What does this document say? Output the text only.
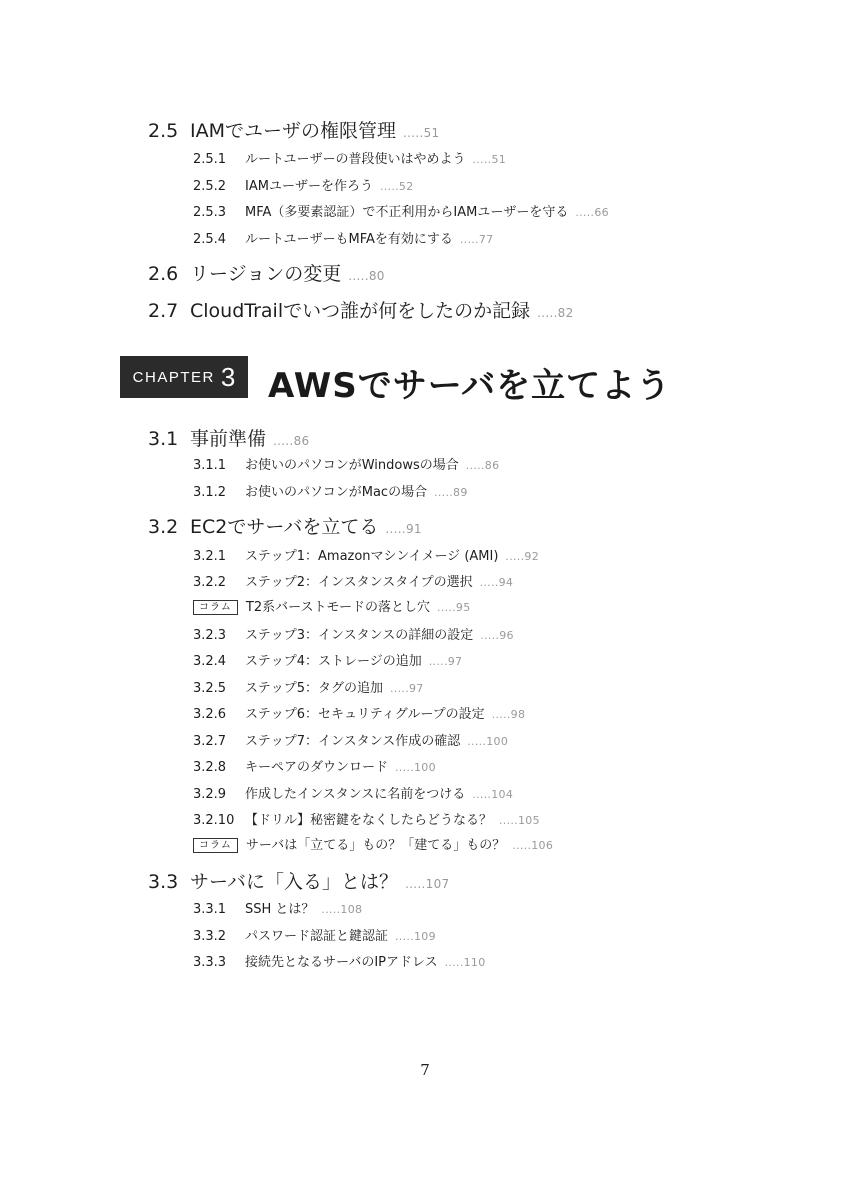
2.5 IAMでユーザの権限管理 .....51
2.5.1 ルートユーザーの普段使いはやめよう .....51
2.5.2 IAMユーザーを作ろう .....52
2.5.3 MFA（多要素認証）で不正利用からIAMユーザーを守る .....66
2.5.4 ルートユーザーもMFAを有効にする .....77
2.6 リージョンの変更 .....80
2.7 CloudTrailでいつ誰が何をしたのか記録 .....82
CHAPTER 3 AWSでサーバを立てよう
3.1 事前準備 .....86
3.1.1 お使いのパソコンがWindowsの場合 .....86
3.1.2 お使いのパソコンがMacの場合 .....89
3.2 EC2でサーバを立てる .....91
3.2.1 ステップ1：Amazonマシンイメージ (AMI) .....92
3.2.2 ステップ2：インスタンスタイプの選択 .....94
コラム T2系バーストモードの落とし穴 .....95
3.2.3 ステップ3：インスタンスの詳細の設定 .....96
3.2.4 ステップ4：ストレージの追加 .....97
3.2.5 ステップ5：タグの追加 .....97
3.2.6 ステップ6：セキュリティグループの設定 .....98
3.2.7 ステップ7：インスタンス作成の確認 .....100
3.2.8 キーペアのダウンロード .....100
3.2.9 作成したインスタンスに名前をつける .....104
3.2.10 【ドリル】秘密鍵をなくしたらどうなる？ .....105
コラム サーバは「立てる」もの？「建てる」もの？ .....106
3.3 サーバに「入る」とは？ .....107
3.3.1 SSH とは？ .....108
3.3.2 パスワード認証と鍵認証 .....109
3.3.3 接続先となるサーバのIPアドレス .....110
7
